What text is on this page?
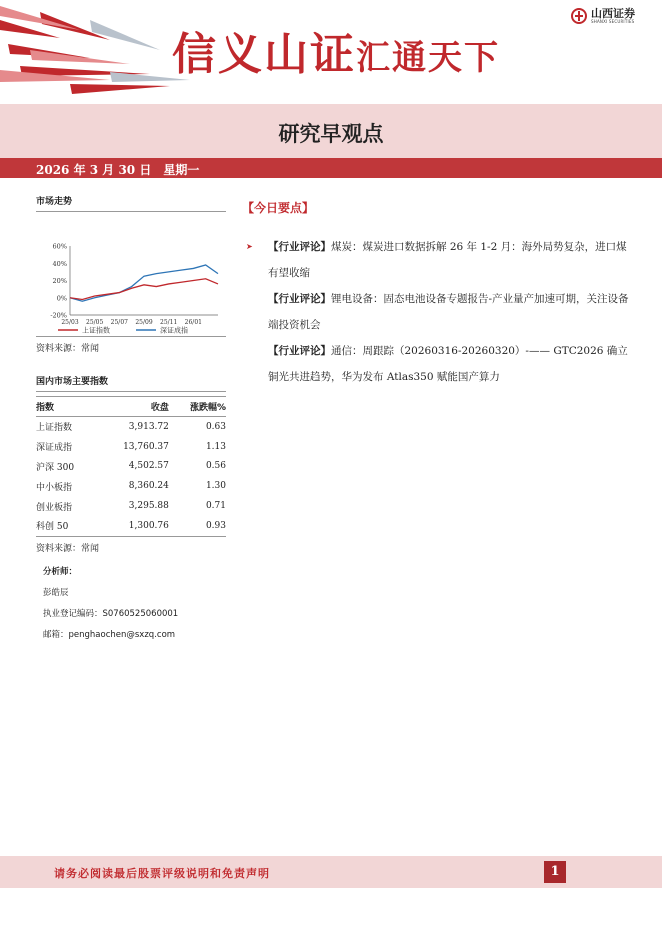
信义山证汇通天下
山西证券
SHANXI SECURITIES
研究早观点
2026 年 3 月 30 日　星期一
市场走势
60%
40%
20%
0%
-20%
25/03 25/05 25/07 25/09 25/11 26/01
上证指数	深证成指
资料来源：常闻
国内市场主要指数
指数	收盘	涨跌幅%
上证指数	3,913.72	0.63
深证成指	13,760.37	1.13
沪深 300	4,502.57	0.56
中小板指	8,360.24	1.30
创业板指	3,295.88	0.71
科创 50	1,300.76	0.93
资料来源：常闻
分析师：
彭皓辰
执业登记编码：S0760525060001
邮箱：penghaochen@sxzq.com
【今日要点】
➤ 【行业评论】煤炭：煤炭进口数据拆解 26 年 1-2 月：海外局势复杂，进口煤有望收缩
【行业评论】锂电设备：固态电池设备专题报告-产业量产加速可期，关注设备端投资机会
【行业评论】通信：周跟踪（20260316-20260320）-—— GTC2026 确立铜光共进趋势，华为发布 Atlas350 赋能国产算力
请务必阅读最后股票评级说明和免责声明	1
